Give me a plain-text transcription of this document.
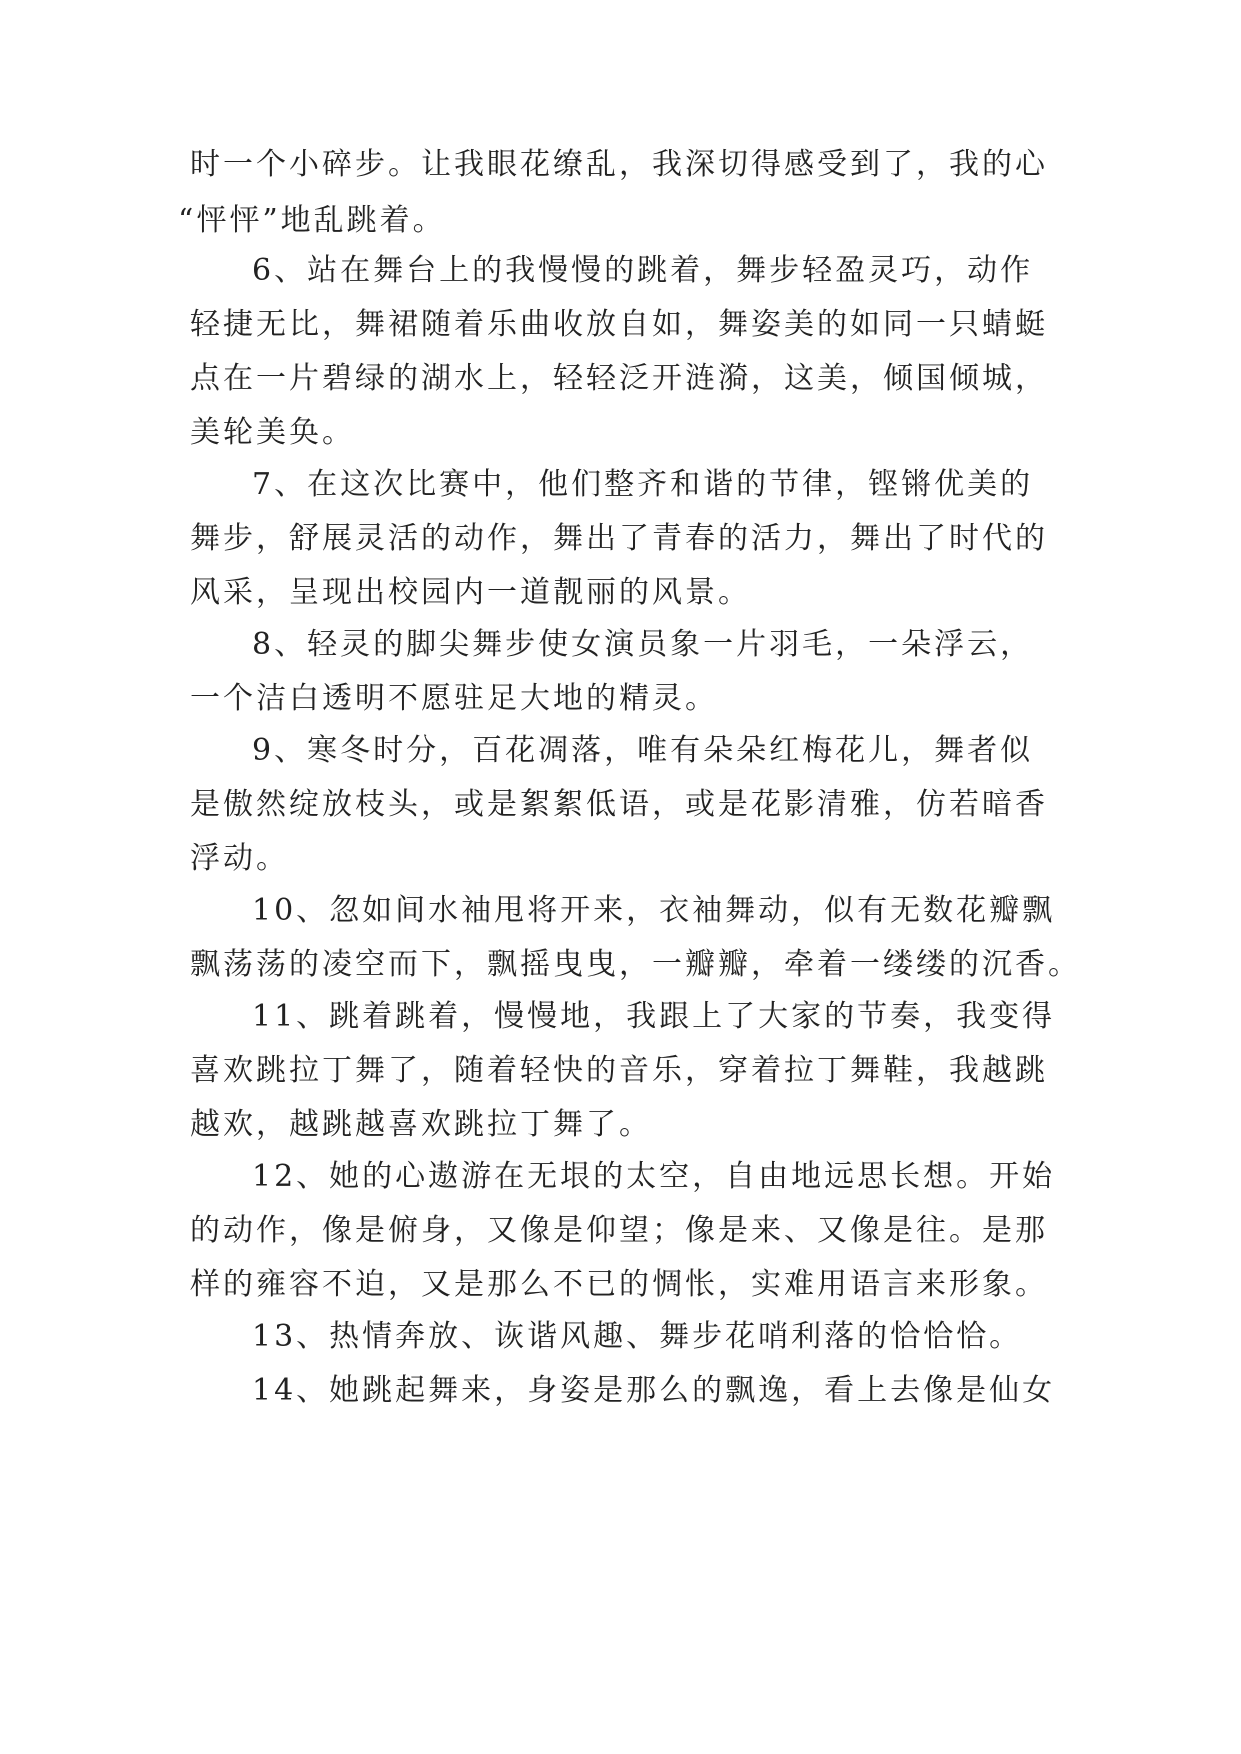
时一个小碎步。让我眼花缭乱，我深切得感受到了，我的心
“怦怦”地乱跳着。
6、站在舞台上的我慢慢的跳着，舞步轻盈灵巧，动作
轻捷无比，舞裙随着乐曲收放自如，舞姿美的如同一只蜻蜓
点在一片碧绿的湖水上，轻轻泛开涟漪，这美，倾国倾城，
美轮美奂。
7、在这次比赛中，他们整齐和谐的节律，铿锵优美的
舞步，舒展灵活的动作，舞出了青春的活力，舞出了时代的
风采，呈现出校园内一道靓丽的风景。
8、轻灵的脚尖舞步使女演员象一片羽毛，一朵浮云，
一个洁白透明不愿驻足大地的精灵。
9、寒冬时分，百花凋落，唯有朵朵红梅花儿，舞者似
是傲然绽放枝头，或是絮絮低语，或是花影清雅，仿若暗香
浮动。
10、忽如间水袖甩将开来，衣袖舞动，似有无数花瓣飘
飘荡荡的凌空而下，飘摇曳曳，一瓣瓣，牵着一缕缕的沉香。
11、跳着跳着，慢慢地，我跟上了大家的节奏，我变得
喜欢跳拉丁舞了，随着轻快的音乐，穿着拉丁舞鞋，我越跳
越欢，越跳越喜欢跳拉丁舞了。
12、她的心遨游在无垠的太空，自由地远思长想。开始
的动作，像是俯身，又像是仰望；像是来、又像是往。是那
样的雍容不迫，又是那么不已的惆怅，实难用语言来形象。
13、热情奔放、诙谐风趣、舞步花哨利落的恰恰恰。
14、她跳起舞来，身姿是那么的飘逸，看上去像是仙女
